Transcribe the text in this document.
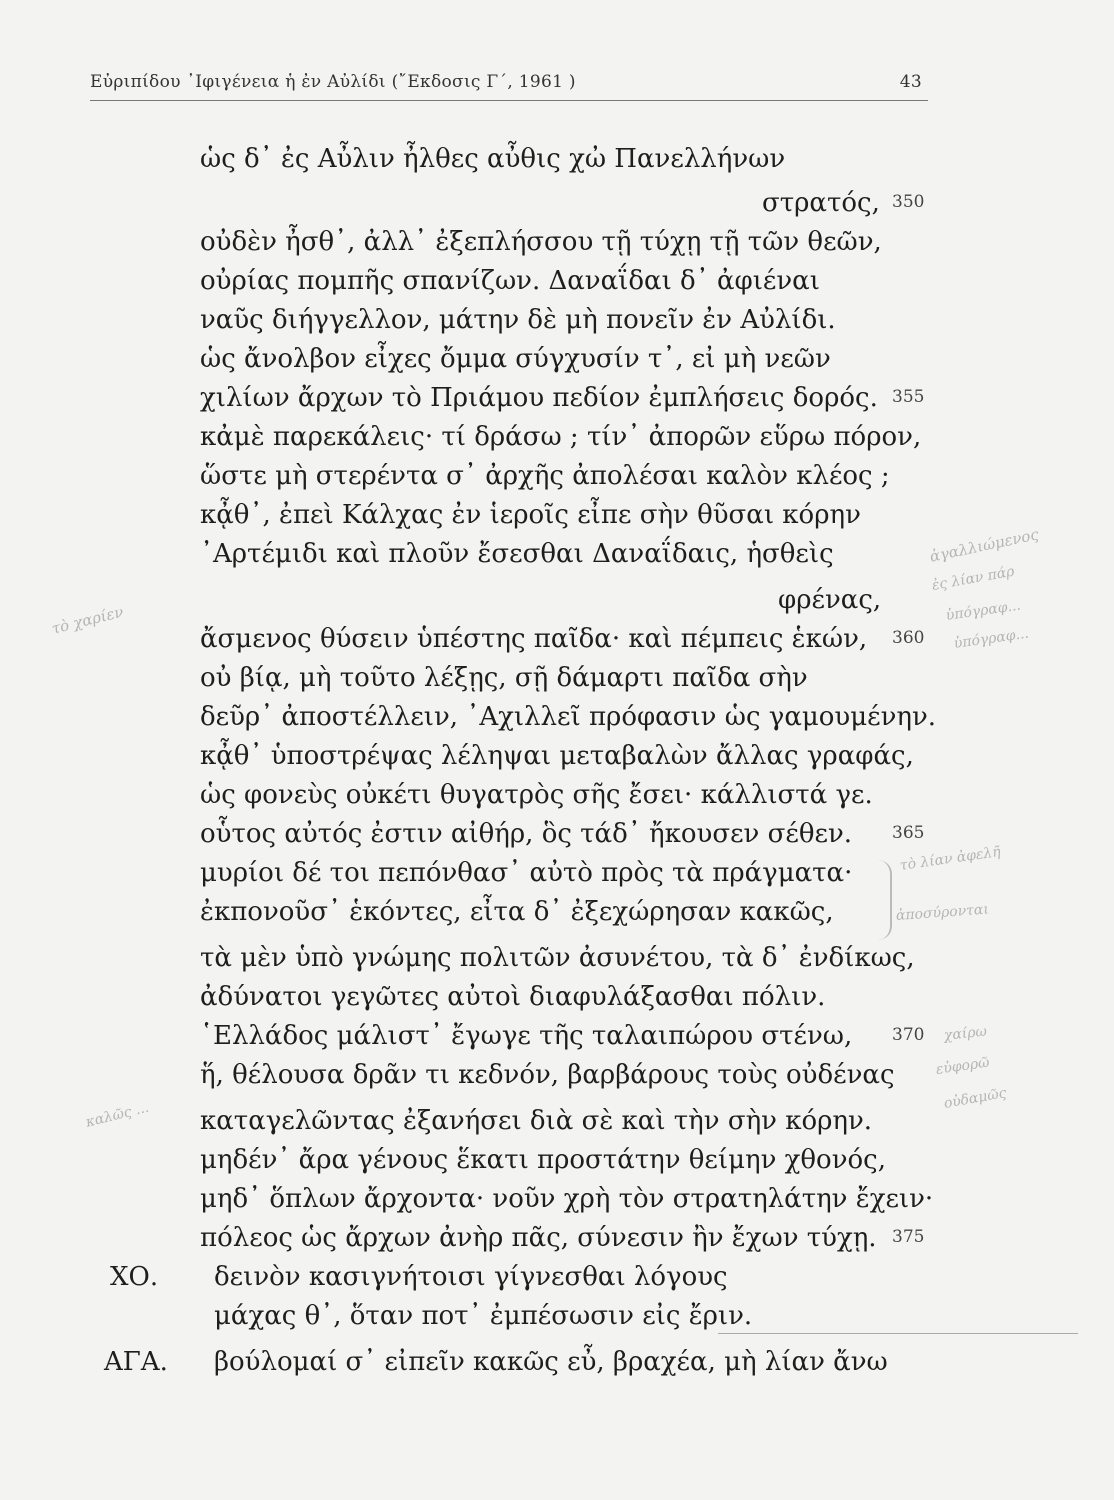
Εὐριπίδου ᾿Ιφιγένεια ἡ ἐν Αὐλίδι (῎Εκδοσις Γ΄, 1961 )	43
ὡς δ᾿ ἐς Αὖλιν ἦλθες αὖθις χὠ Πανελλήνων
στρατός,
οὐδὲν ἦσθ᾿, ἀλλ᾿ ἐξεπλήσσου τῇ τύχῃ τῇ τῶν θεῶν,
οὐρίας πομπῆς σπανίζων. Δαναΐδαι δ᾿ ἀφιέναι
ναῦς διήγγελλον, μάτην δὲ μὴ πονεῖν ἐν Αὐλίδι.
ὡς ἄνολβον εἶχες ὄμμα σύγχυσίν τ᾿, εἰ μὴ νεῶν
χιλίων ἄρχων τὸ Πριάμου πεδίον ἐμπλήσεις δορός.
κἀμὲ παρεκάλεις· τί δράσω ; τίν᾿ ἀπορῶν εὕρω πόρον,
ὥστε μὴ στερέντα σ᾿ ἀρχῆς ἀπολέσαι καλὸν κλέος ;
κᾆθ᾿, ἐπεὶ Κάλχας ἐν ἱεροῖς εἶπε σὴν θῦσαι κόρην
᾿Αρτέμιδι καὶ πλοῦν ἔσεσθαι Δαναΐδαις, ἡσθεὶς
φρένας,
ἄσμενος θύσειν ὑπέστης παῖδα· καὶ πέμπεις ἑκών,
οὐ βίᾳ, μὴ τοῦτο λέξῃς, σῇ δάμαρτι παῖδα σὴν
δεῦρ᾿ ἀποστέλλειν, ᾿Αχιλλεῖ πρόφασιν ὡς γαμουμένην.
κᾆθ᾿ ὑποστρέψας λέληψαι μεταβαλὼν ἄλλας γραφάς,
ὡς φονεὺς οὐκέτι θυγατρὸς σῆς ἔσει· κάλλιστά γε.
οὗτος αὐτός ἐστιν αἰθήρ, ὃς τάδ᾿ ἤκουσεν σέθεν.
μυρίοι δέ τοι πεπόνθασ᾿ αὐτὸ πρὸς τὰ πράγματα·
ἐκπονοῦσ᾿ ἑκόντες, εἶτα δ᾿ ἐξεχώρησαν κακῶς,
τὰ μὲν ὑπὸ γνώμης πολιτῶν ἀσυνέτου, τὰ δ᾿ ἐνδίκως,
ἀδύνατοι γεγῶτες αὐτοὶ διαφυλάξασθαι πόλιν.
῾Ελλάδος μάλιστ᾿ ἔγωγε τῆς ταλαιπώρου στένω,
ἥ, θέλουσα δρᾶν τι κεδνόν, βαρβάρους τοὺς οὐδένας
καταγελῶντας ἐξανήσει διὰ σὲ καὶ τὴν σὴν κόρην.
μηδέν᾿ ἄρα γένους ἕκατι προστάτην θείμην χθονός,
μηδ᾿ ὅπλων ἄρχοντα· νοῦν χρὴ τὸν στρατηλάτην ἔχειν·
πόλεος ὡς ἄρχων ἀνὴρ πᾶς, σύνεσιν ἢν ἔχων τύχῃ.
δεινὸν κασιγνήτοισι γίγνεσθαι λόγους
μάχας θ᾿, ὅταν ποτ᾿ ἐμπέσωσιν εἰς ἔριν.
βούλομαί σ᾿ εἰπεῖν κακῶς εὖ, βραχέα, μὴ λίαν ἄνω
350
355
360
365
370
375
ΧΟ.
ΑΓΑ.
τὸ χαρίεν
ἀγαλλιώμενος
ἐς λίαν πάρ
ὑπόγραφ...
ὑπόγραφ...
τὸ λίαν ἀφελῆ
ἀποσύρονται
χαίρω
εὐφορῶ
οὐδαμῶς
καλῶς ...
